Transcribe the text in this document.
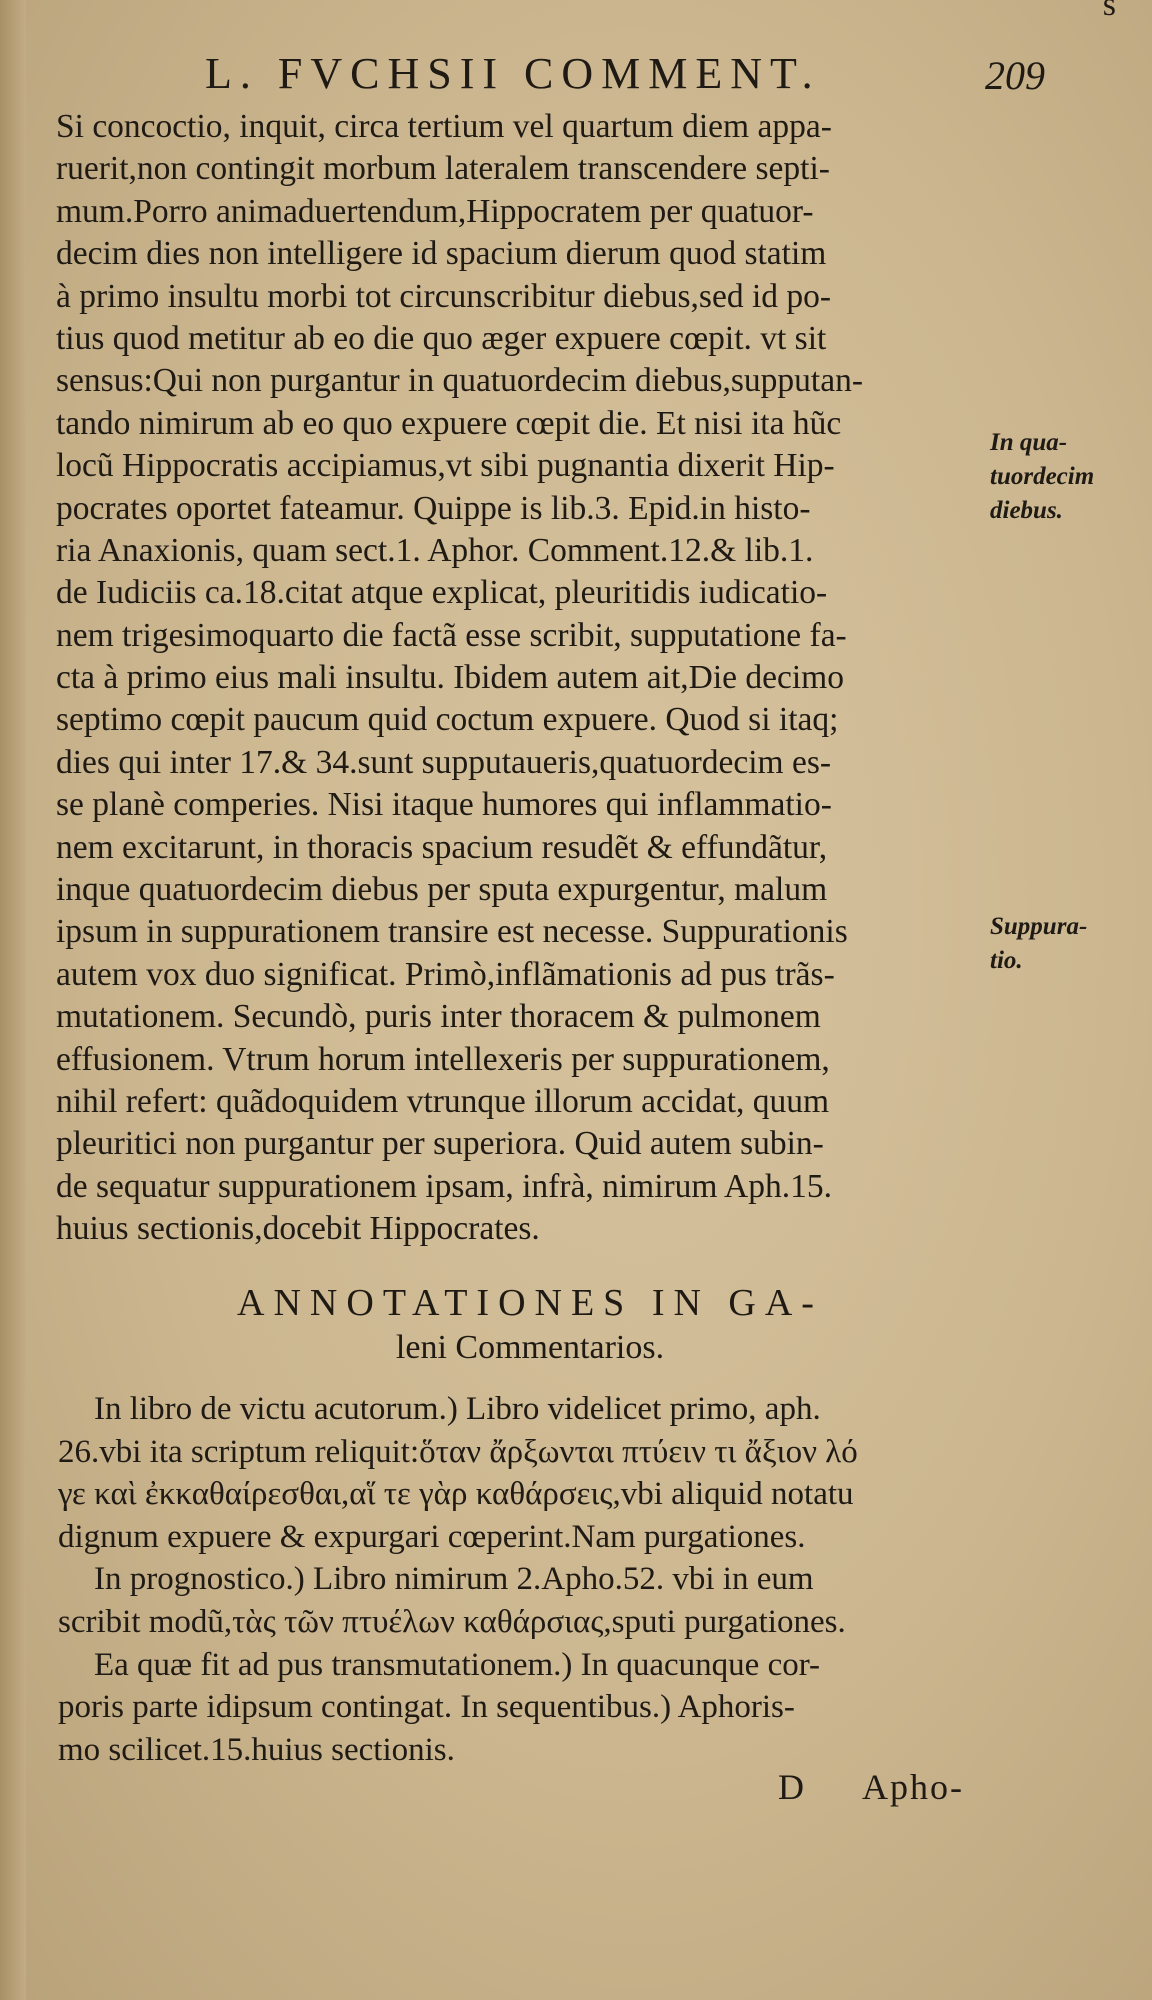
L. FVCHSII COMMENT.	209
s
Si concoctio, inquit, circa tertium vel quartum diem appa-
ruerit,non contingit morbum lateralem transcendere septi-
mum.Porro animaduertendum,Hippocratem per quatuor-
decim dies non intelligere id spacium dierum quod statim
à primo insultu morbi tot circunscribitur diebus,sed id po-
tius quod metitur ab eo die quo æger expuere cœpit. vt sit
sensus:Qui non purgantur in quatuordecim diebus,supputan-
tando nimirum ab eo quo expuere cœpit die. Et nisi ita hũc
locũ Hippocratis accipiamus,vt sibi pugnantia dixerit Hip-
pocrates oportet fateamur. Quippe is lib.3. Epid.in histo-
ria Anaxionis, quam sect.1. Aphor. Comment.12.& lib.1.
de Iudiciis ca.18.citat atque explicat, pleuritidis iudicatio-
nem trigesimoquarto die factã esse scribit, supputatione fa-
cta à primo eius mali insultu. Ibidem autem ait,Die decimo
septimo cœpit paucum quid coctum expuere. Quod si itaq;
dies qui inter 17.& 34.sunt supputaueris,quatuordecim es-
se planè comperies. Nisi itaque humores qui inflammatio-
nem excitarunt, in thoracis spacium resudẽt & effundãtur,
inque quatuordecim diebus per sputa expurgentur, malum
ipsum in suppurationem transire est necesse. Suppurationis
autem vox duo significat. Primò,inflãmationis ad pus trãs-
mutationem. Secundò, puris inter thoracem & pulmonem
effusionem. Vtrum horum intellexeris per suppurationem,
nihil refert: quãdoquidem vtrunque illorum accidat, quum
pleuritici non purgantur per superiora. Quid autem subin-
de sequatur suppurationem ipsam, infrà, nimirum Aph.15.
huius sectionis,docebit Hippocrates.
In qua-
tuordecim
diebus.
Suppura-
tio.
ANNOTATIONES IN GA-
leni Commentarios.
In libro de victu acutorum.) Libro videlicet primo, aph.
26.vbi ita scriptum reliquit:ὅταν ἄρξωνται πτύειν τι ἄξιον λό
γε καὶ ἐκκαθαίρεσθαι,αἵ τε γὰρ καθάρσεις,vbi aliquid notatu
dignum expuere & expurgari cœperint.Nam purgationes.
In prognostico.) Libro nimirum 2.Apho.52. vbi in eum
scribit modũ,τὰς τῶν πτυέλων καθάρσιας,sputi purgationes.
Ea quæ fit ad pus transmutationem.) In quacunque cor-
poris parte idipsum contingat. In sequentibus.) Aphoris-
mo scilicet.15.huius sectionis.
D Apho-
